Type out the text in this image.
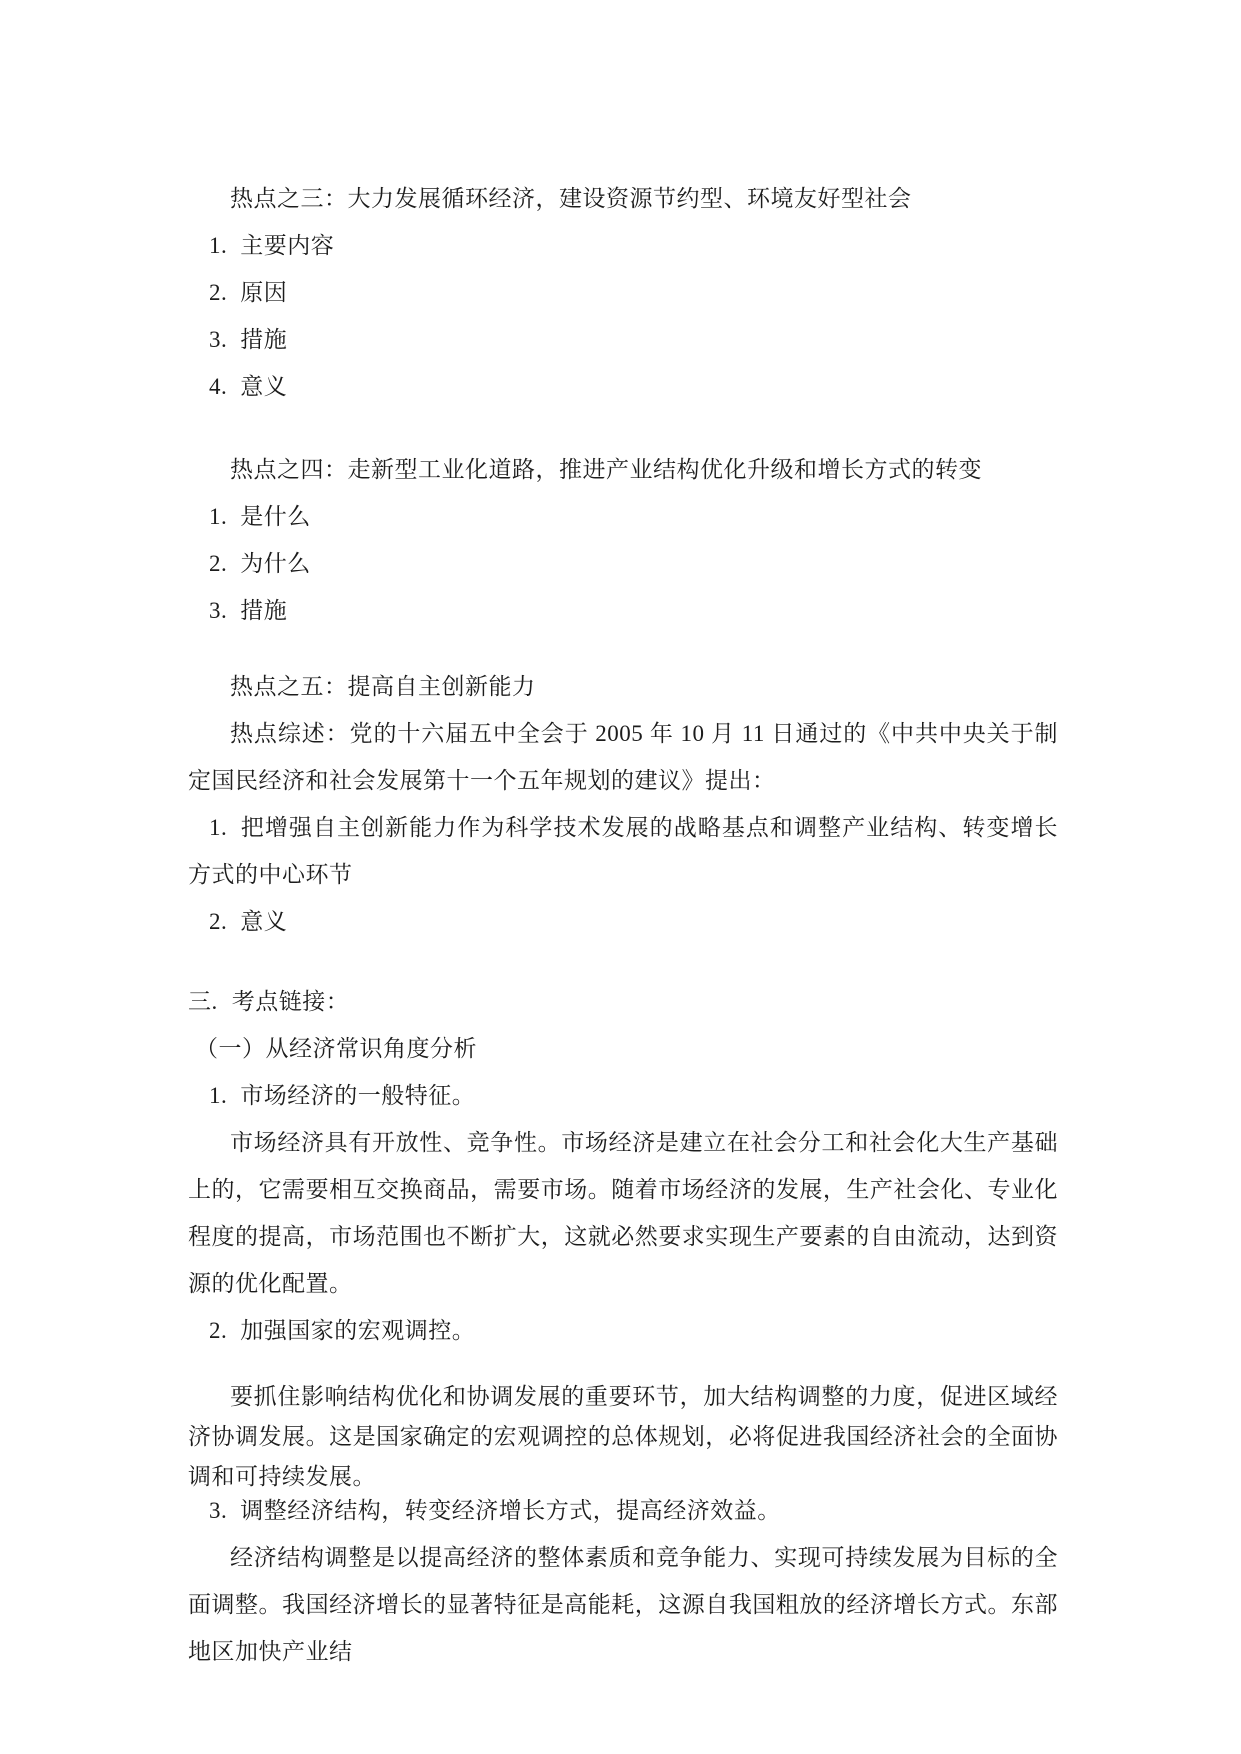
热点之三：大力发展循环经济，建设资源节约型、环境友好型社会

1. 主要内容

2. 原因

3. 措施

4. 意义

热点之四：走新型工业化道路，推进产业结构优化升级和增长方式的转变

1. 是什么

2. 为什么

3. 措施

热点之五：提高自主创新能力

热点综述：党的十六届五中全会于 2005 年 10 月 11 日通过的《中共中央关于制定国民经济和社会发展第十一个五年规划的建议》提出：

1. 把增强自主创新能力作为科学技术发展的战略基点和调整产业结构、转变增长方式的中心环节

2. 意义

三. 考点链接：

（一）从经济常识角度分析

1. 市场经济的一般特征。

市场经济具有开放性、竞争性。市场经济是建立在社会分工和社会化大生产基础上的，它需要相互交换商品，需要市场。随着市场经济的发展，生产社会化、专业化程度的提高，市场范围也不断扩大，这就必然要求实现生产要素的自由流动，达到资源的优化配置。

2. 加强国家的宏观调控。

要抓住影响结构优化和协调发展的重要环节，加大结构调整的力度，促进区域经济协调发展。这是国家确定的宏观调控的总体规划，必将促进我国经济社会的全面协调和可持续发展。

3. 调整经济结构，转变经济增长方式，提高经济效益。

经济结构调整是以提高经济的整体素质和竞争能力、实现可持续发展为目标的全面调整。我国经济增长的显著特征是高能耗，这源自我国粗放的经济增长方式。东部地区加快产业结
